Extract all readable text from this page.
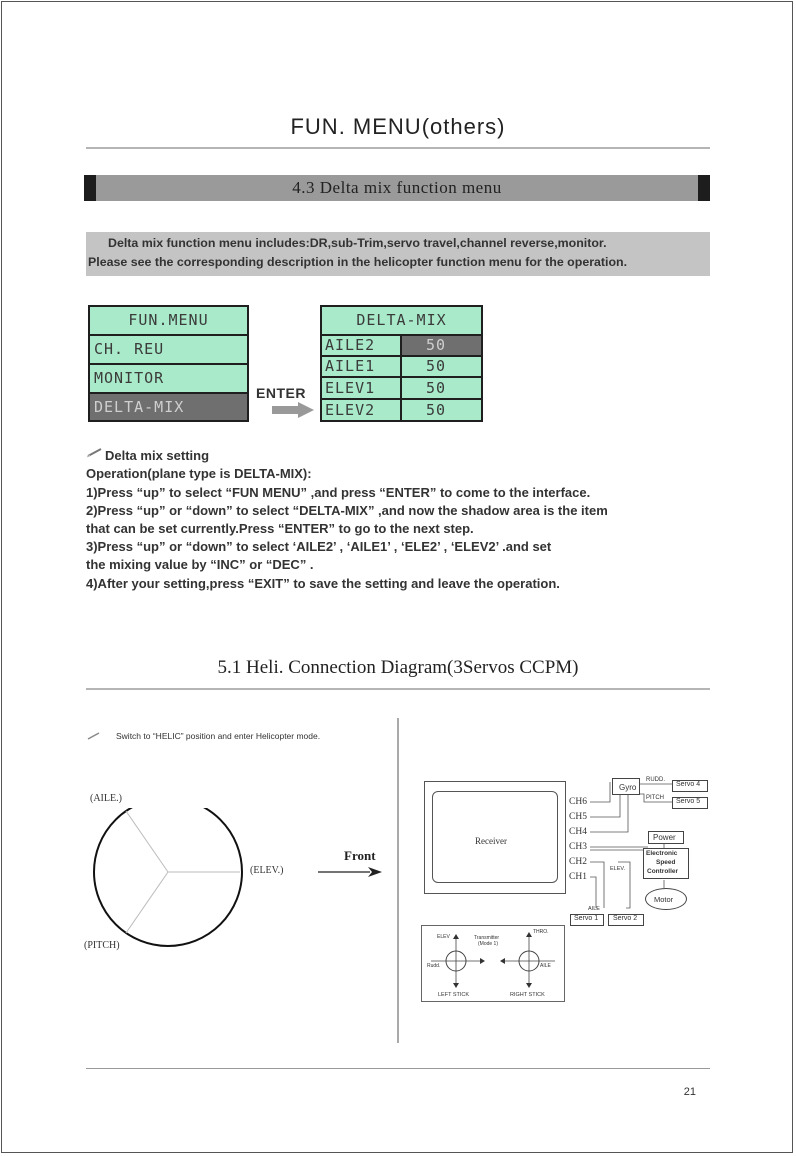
FUN. MENU(others)
4.3 Delta mix function menu
Delta mix function menu includes:DR,sub-Trim,servo travel,channel reverse,monitor.
Please see the corresponding description in the helicopter function menu for the operation.
FUN.MENU
CH. REU
MONITOR
DELTA-MIX
ENTER
DELTA-MIX
AILE2	50
AILE1	50
ELEV1	50
ELEV2	50
Delta mix setting
Operation(plane type is DELTA-MIX):
1)Press “up” to select “FUN MENU” ,and press “ENTER” to come to the interface.
2)Press “up” or “down” to select “DELTA-MIX” ,and now the shadow area is the item
that can be set currently.Press “ENTER” to go to the next step.
3)Press “up” or “down” to select ‘AILE2’ , ‘AILE1’ , ‘ELE2’ , ‘ELEV2’ .and set
the mixing value by “INC” or “DEC” .
4)After your setting,press “EXIT” to save the setting and leave the operation.
5.1 Heli. Connection Diagram(3Servos CCPM)
Switch to “HELIC” position and enter Helicopter mode.
(AILE.)
(ELEV.)
(PITCH)
Front
Receiver
CH6
CH5
CH4
CH3
CH2
CH1
Gyro
RUDD.
PITCH
Servo 4
Servo 5
Power
Electronic
Speed
Controller
Motor
ELEV.
AILE
Servo 1 Servo 2
ELEV
THRO.
Transmitter
(Mode 1)
Rudd.	AILE
LEFT STICK	RIGHT STICK
21
